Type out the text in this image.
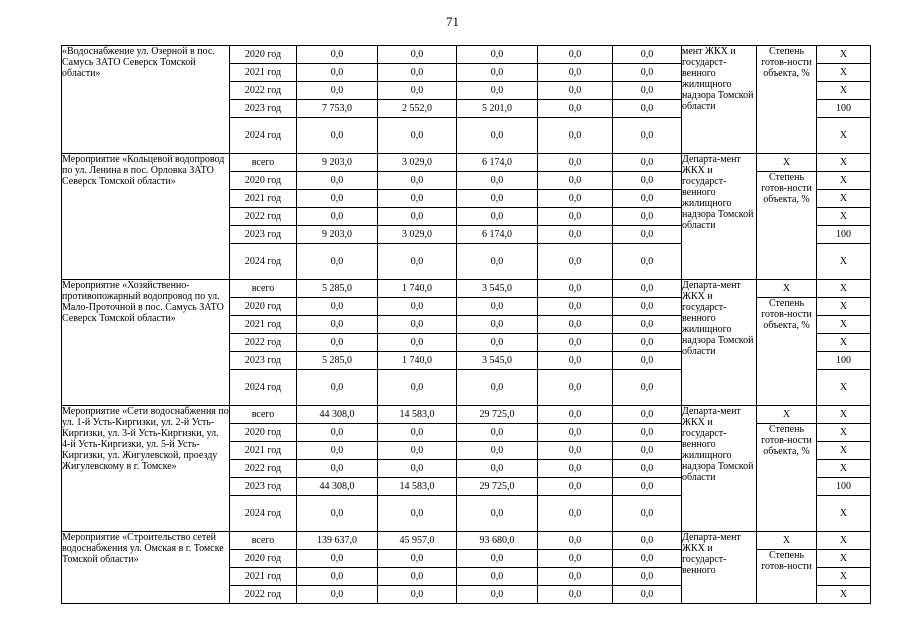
71
«Водоснабжение ул. Озерной в пос. Самусь ЗАТО Северск Томской области»	2020 год	0,0	0,0	0,0	0,0	0,0	мент ЖКХ и государст-венного жилищного надзора Томской области	Степень готов-ности объекта, %	X
	2021 год	0,0	0,0	0,0	0,0	0,0			X
	2022 год	0,0	0,0	0,0	0,0	0,0			X
	2023 год	7 753,0	2 552,0	5 201,0	0,0	0,0			100
	2024 год	0,0	0,0	0,0	0,0	0,0			X
Мероприятие «Кольцевой водопровод по ул. Ленина в пос. Орловка ЗАТО Северск Томской области»	всего	9 203,0	3 029,0	6 174,0	0,0	0,0	Департа-мент ЖКХ и государст-венного жилищного надзора Томской области	X	X
	2020 год	0,0	0,0	0,0	0,0	0,0		Степень готов-ности объекта, %	X
	2021 год	0,0	0,0	0,0	0,0	0,0			X
	2022 год	0,0	0,0	0,0	0,0	0,0			X
	2023 год	9 203,0	3 029,0	6 174,0	0,0	0,0			100
	2024 год	0,0	0,0	0,0	0,0	0,0			X
Мероприятие «Хозяйственно-противопожарный водопровод по ул. Мало-Проточной в пос. Самусь ЗАТО Северск Томской области»	всего	5 285,0	1 740,0	3 545,0	0,0	0,0	Департа-мент ЖКХ и государст-венного жилищного надзора Томской области	X	X
	2020 год	0,0	0,0	0,0	0,0	0,0		Степень готов-ности объекта, %	X
	2021 год	0,0	0,0	0,0	0,0	0,0			X
	2022 год	0,0	0,0	0,0	0,0	0,0			X
	2023 год	5 285,0	1 740,0	3 545,0	0,0	0,0			100
	2024 год	0,0	0,0	0,0	0,0	0,0			X
Мероприятие «Сети водоснабжения по ул. 1-й Усть-Киргизки, ул. 2-й Усть-Киргизки, ул. 3-й Усть-Киргизки, ул. 4-й Усть-Киргизки, ул. 5-й Усть-Киргизки, ул. Жигулевской, проезду Жигулевскому в г. Томске»	всего	44 308,0	14 583,0	29 725,0	0,0	0,0	Департа-мент ЖКХ и государст-венного жилищного надзора Томской области	X	X
	2020 год	0,0	0,0	0,0	0,0	0,0		Степень готов-ности объекта, %	X
	2021 год	0,0	0,0	0,0	0,0	0,0			X
	2022 год	0,0	0,0	0,0	0,0	0,0			X
	2023 год	44 308,0	14 583,0	29 725,0	0,0	0,0			100
	2024 год	0,0	0,0	0,0	0,0	0,0			X
Мероприятие «Строительство сетей водоснабжения ул. Омская в г. Томске Томской области»	всего	139 637,0	45 957,0	93 680,0	0,0	0,0	Департа-мент ЖКХ и государст-венного	X	X
	2020 год	0,0	0,0	0,0	0,0	0,0		Степень готов-ности	X
	2021 год	0,0	0,0	0,0	0,0	0,0			X
	2022 год	0,0	0,0	0,0	0,0	0,0			X
